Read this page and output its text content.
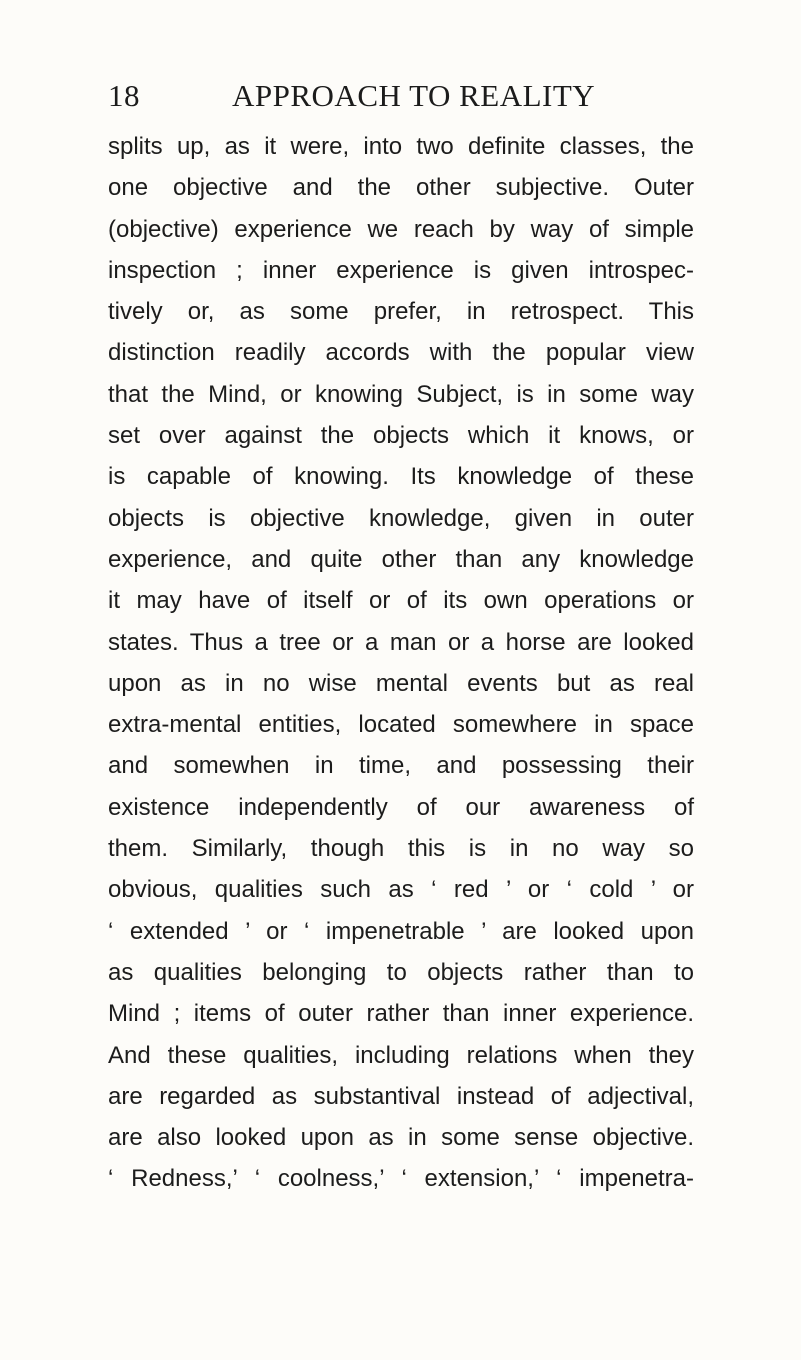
18	APPROACH TO REALITY
splits up, as it were, into two definite classes, the
one objective and the other subjective. Outer
(objective) experience we reach by way of simple
inspection ; inner experience is given introspec-
tively or, as some prefer, in retrospect. This
distinction readily accords with the popular view
that the Mind, or knowing Subject, is in some way
set over against the objects which it knows, or
is capable of knowing. Its knowledge of these
objects is objective knowledge, given in outer
experience, and quite other than any knowledge
it may have of itself or of its own operations or
states. Thus a tree or a man or a horse are looked
upon as in no wise mental events but as real
extra-mental entities, located somewhere in space
and somewhen in time, and possessing their
existence independently of our awareness of
them. Similarly, though this is in no way so
obvious, qualities such as ‘ red ’ or ‘ cold ’ or
‘ extended ’ or ‘ impenetrable ’ are looked upon
as qualities belonging to objects rather than to
Mind ; items of outer rather than inner experience.
And these qualities, including relations when they
are regarded as substantival instead of adjectival,
are also looked upon as in some sense objective.
‘ Redness,’ ‘ coolness,’ ‘ extension,’ ‘ impenetra-
